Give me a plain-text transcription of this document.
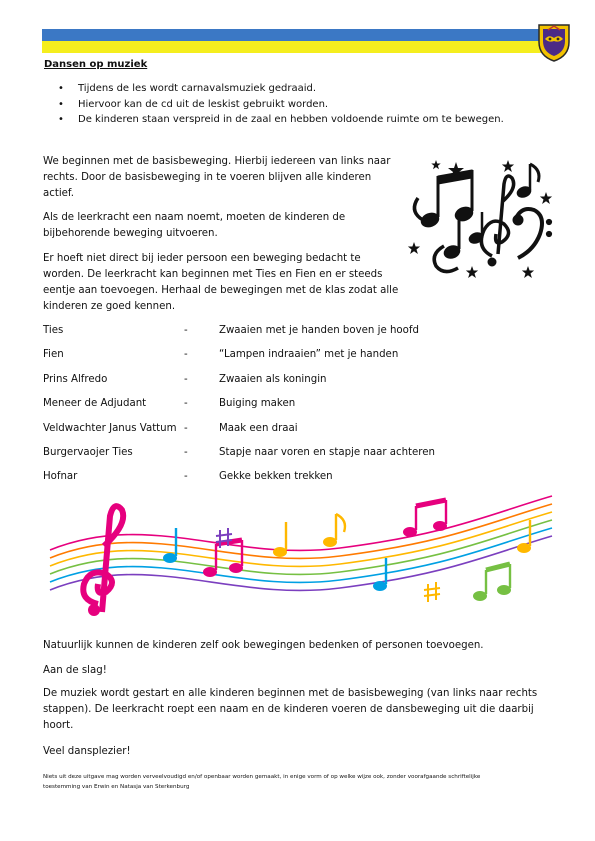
Dansen op muziek
• Tijdens de les wordt carnavalsmuziek gedraaid.
• Hiervoor kan de cd uit de leskist gebruikt worden.
• De kinderen staan verspreid in de zaal en hebben voldoende ruimte om te bewegen.

We beginnen met de basisbeweging. Hierbij iedereen van links naar
rechts. Door de basisbeweging in te voeren blijven alle kinderen
actief.

Als de leerkracht een naam noemt, moeten de kinderen de
bijbehorende beweging uitvoeren.

Er hoeft niet direct bij ieder persoon een beweging bedacht te
worden. De leerkracht kan beginnen met Ties en Fien en er steeds
eentje aan toevoegen. Herhaal de bewegingen met de klas zodat alle
kinderen ze goed kennen.

Ties	-	Zwaaien met je handen boven je hoofd
Fien	-	“Lampen indraaien” met je handen
Prins Alfredo	-	Zwaaien als koningin
Meneer de Adjudant	-	Buiging maken
Veldwachter Janus Vattum -	Maak een draai
Burgervaojer Ties	-	Stapje naar voren en stapje naar achteren
Hofnar	-	Gekke bekken trekken

Natuurlijk kunnen de kinderen zelf ook bewegingen bedenken of personen toevoegen.

Aan de slag!

De muziek wordt gestart en alle kinderen beginnen met de basisbeweging (van links naar rechts
stappen). De leerkracht roept een naam en de kinderen voeren de dansbeweging uit die daarbij
hoort.

Veel dansplezier!

Niets uit deze uitgave mag worden verveelvoudigd en/of openbaar worden gemaakt, in enige vorm of op welke wijze ook, zonder voorafgaande schriftelijke
toestemming van Erwin en Natasja van Sterkenburg
